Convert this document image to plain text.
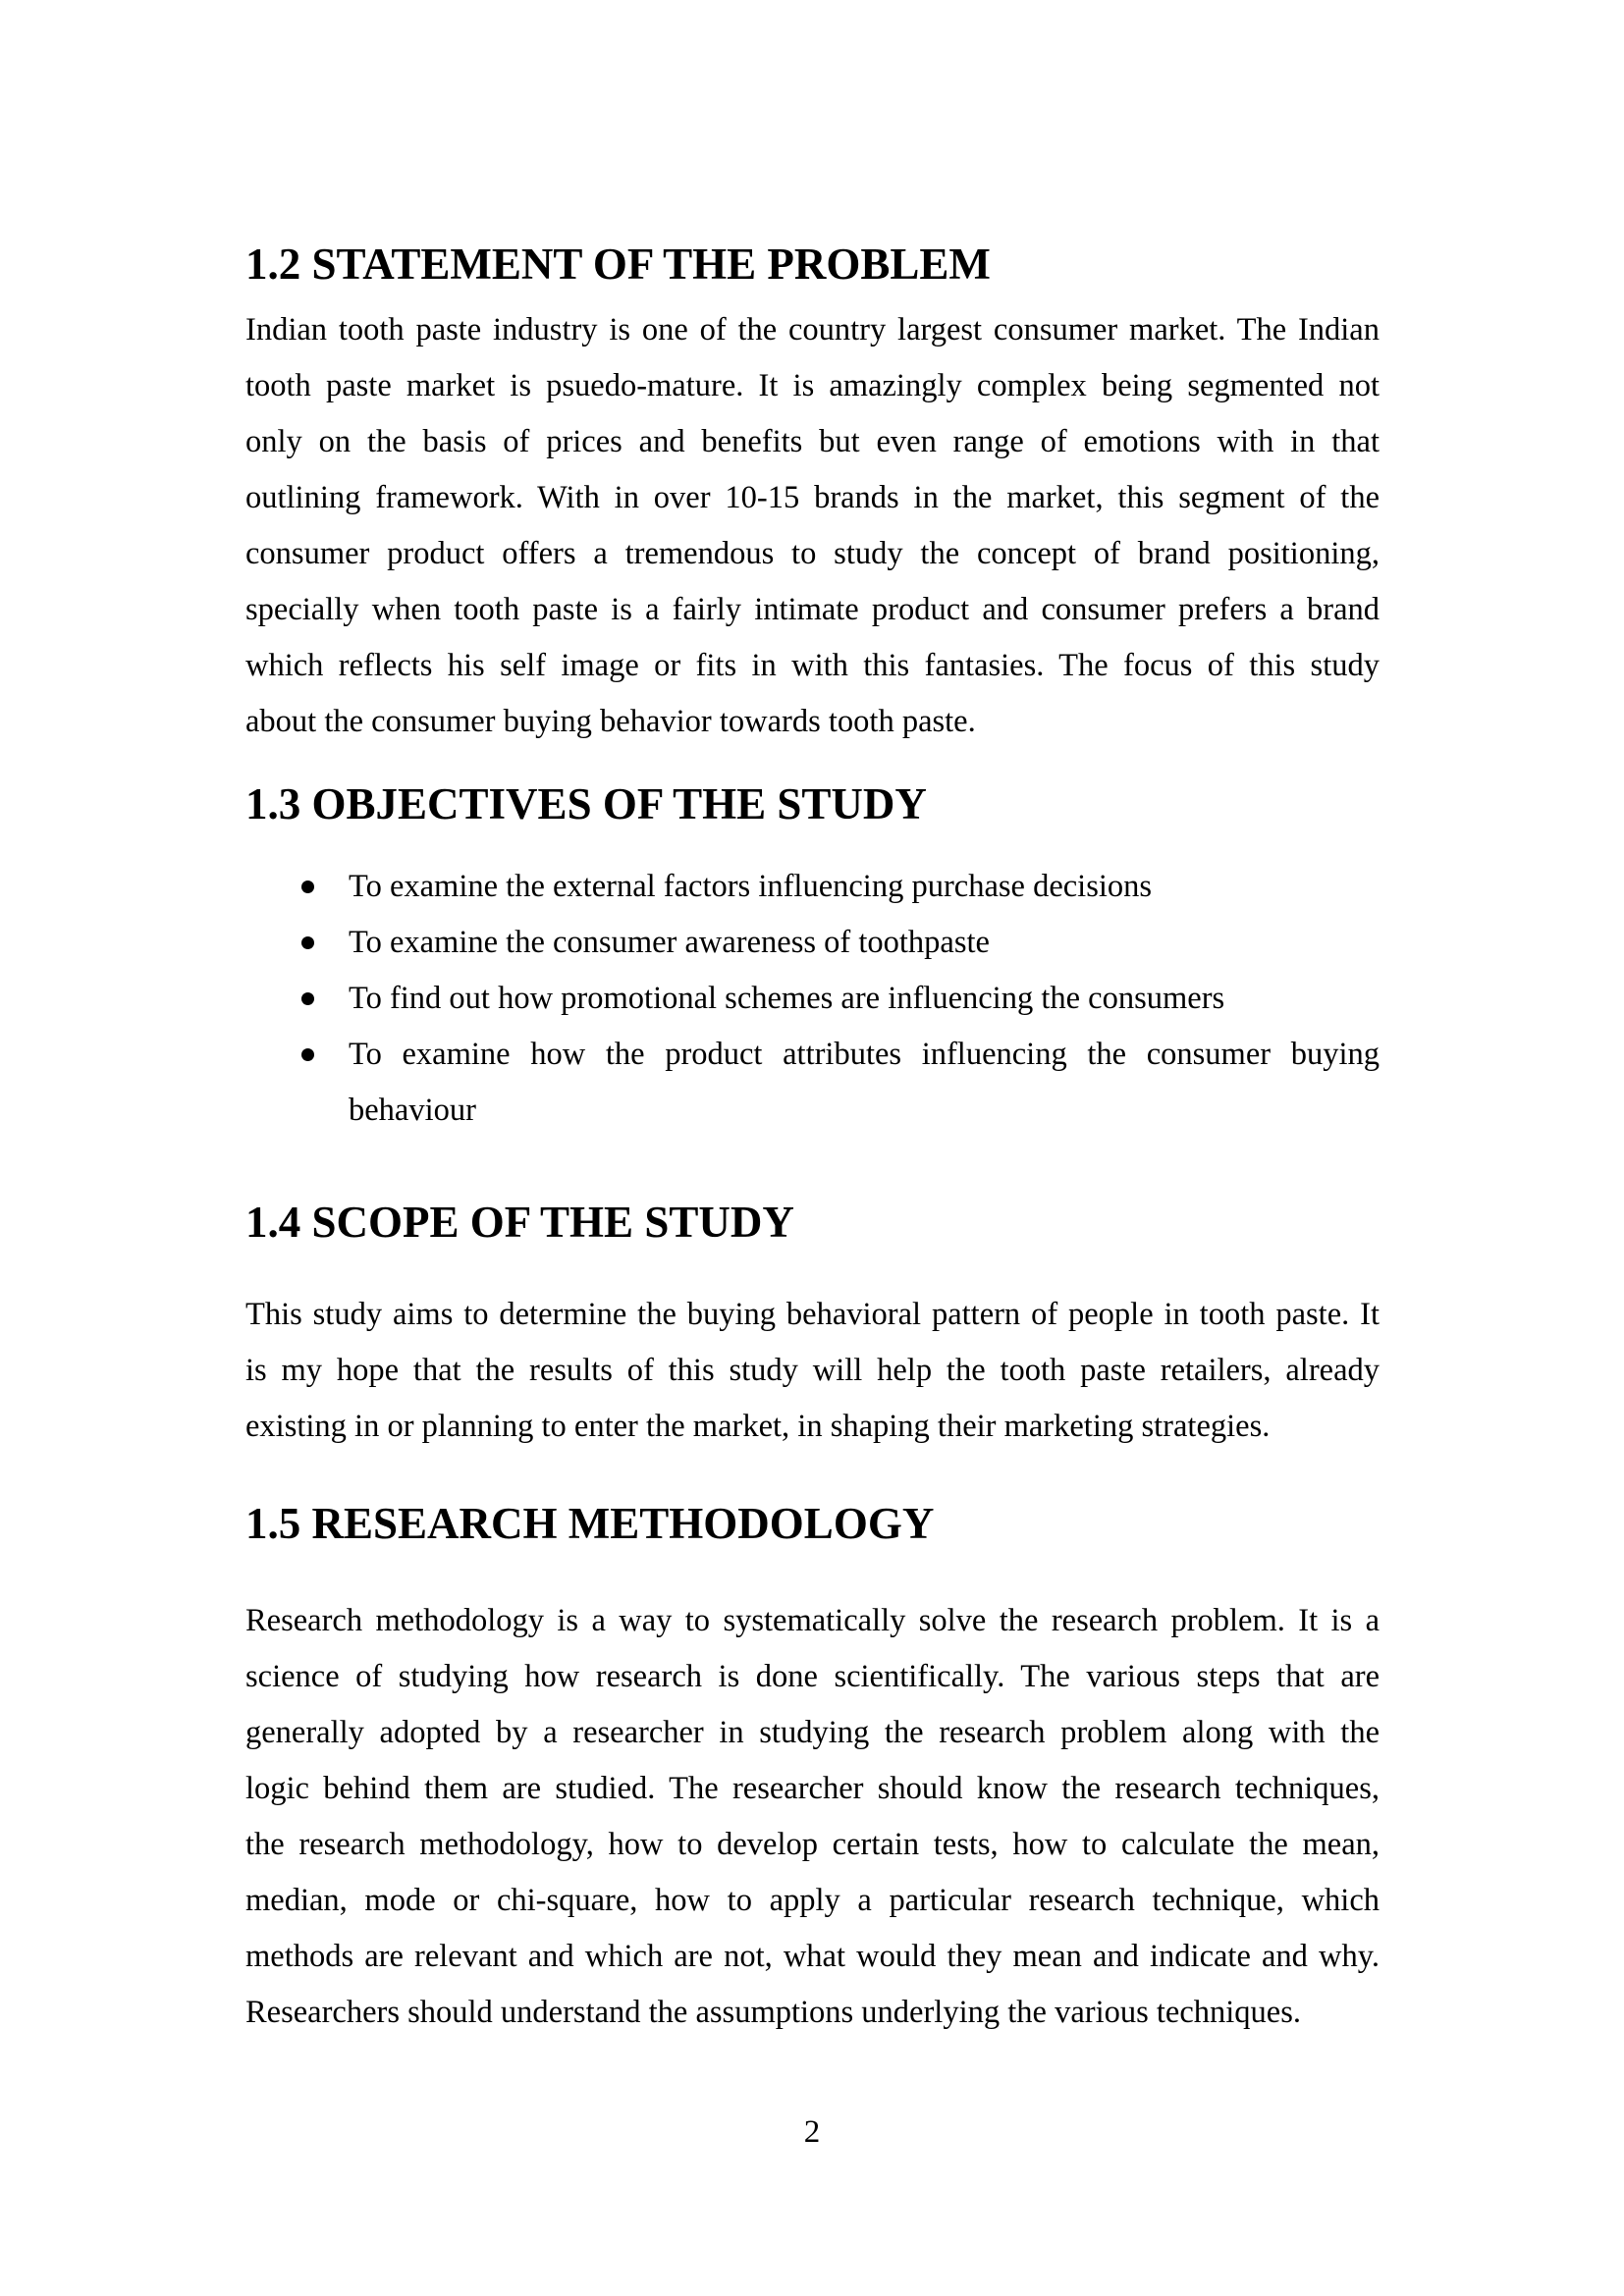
1.2 STATEMENT OF THE PROBLEM
Indian tooth paste industry is one of the country largest consumer market. The Indian
tooth paste market is psuedo-mature. It is amazingly complex being segmented not
only on the basis of prices and benefits but even range of emotions with in that
outlining framework. With in over 10-15 brands in the market, this segment of the
consumer product offers a tremendous to study the concept of brand positioning,
specially when tooth paste is a fairly intimate product and consumer prefers a brand
which reflects his self image or fits in with this fantasies. The focus of this study
about the consumer buying behavior towards tooth paste.
1.3 OBJECTIVES OF THE STUDY
To examine the external factors influencing purchase decisions
To examine the consumer awareness of toothpaste
To find out how promotional schemes are influencing the consumers
To examine how the product attributes influencing the consumer buying
behaviour
1.4 SCOPE OF THE STUDY
This study aims to determine the buying behavioral pattern of people in tooth paste. It
is my hope that the results of this study will help the tooth paste retailers, already
existing in or planning to enter the market, in shaping their marketing strategies.
1.5 RESEARCH METHODOLOGY
Research methodology is a way to systematically solve the research problem. It is a
science of studying how research is done scientifically. The various steps that are
generally adopted by a researcher in studying the research problem along with the
logic behind them are studied. The researcher should know the research techniques,
the research methodology, how to develop certain tests, how to calculate the mean,
median, mode or chi-square, how to apply a particular research technique, which
methods are relevant and which are not, what would they mean and indicate and why.
Researchers should understand the assumptions underlying the various techniques.
2
